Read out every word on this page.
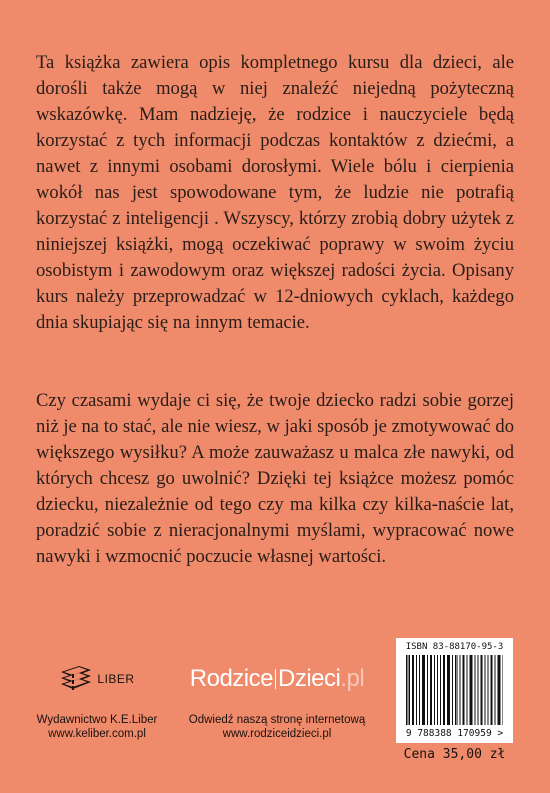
Ta książka zawiera opis kompletnego kursu dla dzieci, ale dorośli także mogą w niej znaleźć niejedną pożyteczną wskazówkę. Mam nadzieję, że rodzice i nauczyciele będą korzystać z tych informacji podczas kontaktów z dziećmi, a nawet z innymi osobami dorosłymi. Wiele bólu i cierpienia wokół nas jest spowodowane tym, że ludzie nie potrafią korzystać z inteligencji . Wszyscy, którzy zrobią dobry użytek z niniejszej książki, mogą oczekiwać poprawy w swoim życiu osobistym i zawodowym oraz większej radości życia. Opisany kurs należy przeprowadzać w 12-dniowych cyklach, każdego dnia skupiając się na innym temacie.

Czy czasami wydaje ci się, że twoje dziecko radzi sobie gorzej niż je na to stać, ale nie wiesz, w jaki sposób je zmotywować do większego wysiłku? A może zauważasz u malca złe nawyki, od których chcesz go uwolnić? Dzięki tej książce możesz pomóc dziecku, niezależnie od tego czy ma kilka czy kilka-naście lat, poradzić sobie z nieracjonalnymi myślami, wypracować nowe nawyki i wzmocnić poczucie własnej wartości.

LIBER
Wydawnictwo K.E.Liber
www.keliber.com.pl
Rodzice Dzieci.pl
Odwiedź naszą stronę internetową
www.rodziceidzieci.pl
ISBN 83-88170-95-3
9 788388 170959 >
Cena 35,00 zł
